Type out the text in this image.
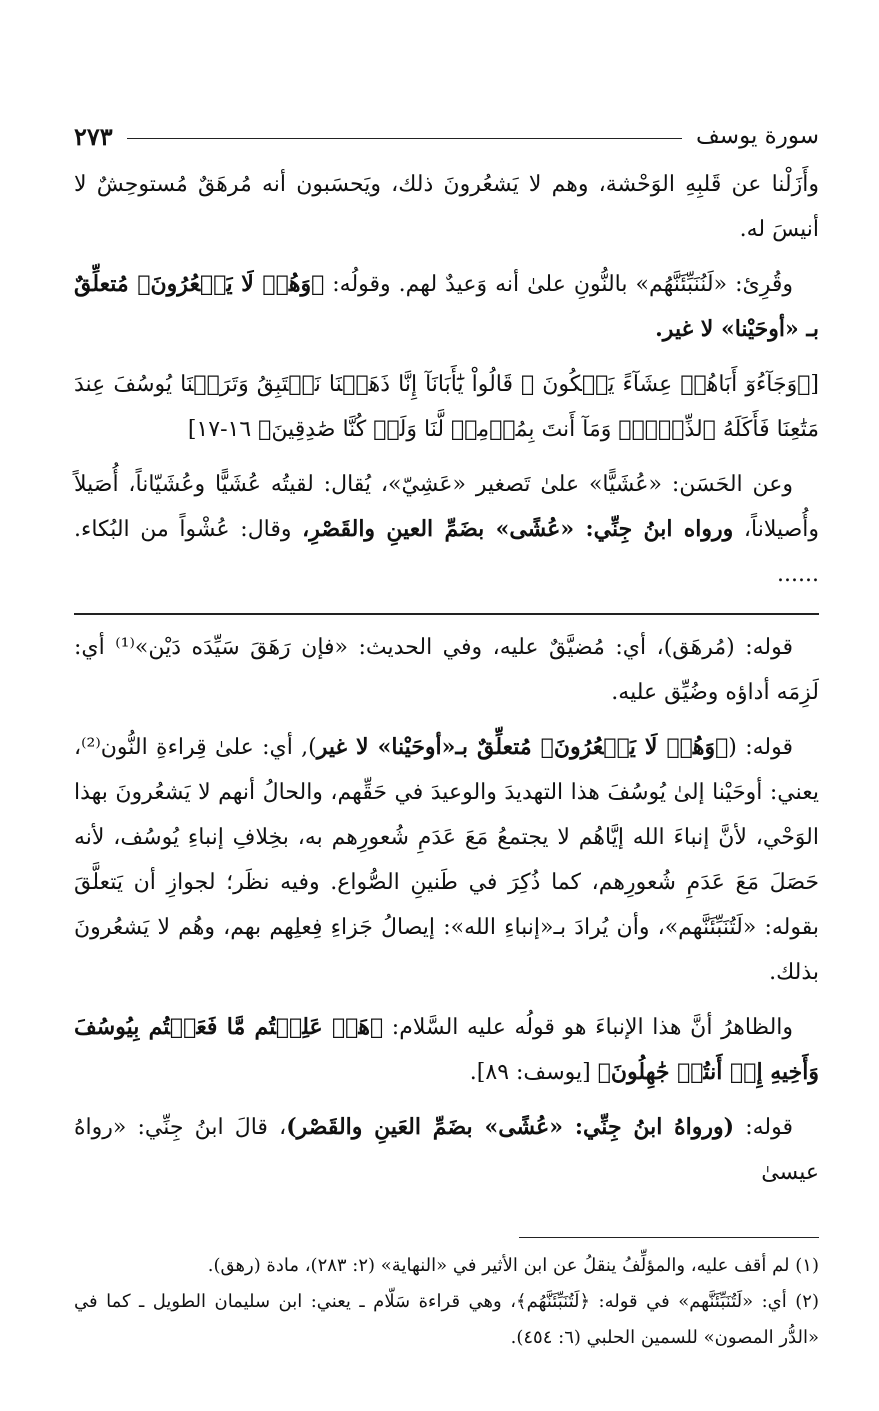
سورة يوسف
٢٧٣

وأَزَلْنا عن قَلبِهِ الوَحْشة، وهم لا يَشعُرونَ ذلك، ويَحسَبون أنه مُرهَقٌ مُستوحِشٌ لا أنيسَ له.

وقُرِئ: «لَنُنَبِّئَنَّهُم» بالنُّونِ علىٰ أنه وَعيدٌ لهم. وقولُه: ﴿وَهُمۡ لَا يَشۡعُرُونَ﴾ مُتعلِّقٌ بـ «أوحَيْنا» لا غير.

[﴿وَجَآءُوٓ أَبَاهُمۡ عِشَآءً يَبۡكُونَ ۞ قَالُواْ يَٰٓأَبَانَآ إِنَّا ذَهَبۡنَا نَسۡتَبِقُ وَتَرَكۡنَا يُوسُفَ عِندَ مَتَٰعِنَا فَأَكَلَهُ ٱلذِّئۡبُۖ وَمَآ أَنتَ بِمُؤۡمِنٖ لَّنَا وَلَوۡ كُنَّا صَٰدِقِينَ﴾ ١٦-١٧]

وعن الحَسَن: «عُشَيًّا» علىٰ تَصغير «عَشِيّ»، يُقال: لقيتُه عُشَيًّا وعُشَيّاناً، أُصَيلاً وأُصيلاناً، ورواه ابنُ جِنِّي: «عُشًى» بضَمِّ العينِ والقَصْرِ، وقال: عُشْواً من البُكاء. ......

قوله: (مُرهَق)، أي: مُضيَّقٌ عليه، وفي الحديث: «فإن رَهَقَ سَيِّدَه دَيْن»⁽¹⁾ أي: لَزِمَه أداؤه وضُيِّق عليه.

قوله: (﴿وَهُمۡ لَا يَشۡعُرُونَ﴾ مُتعلِّقٌ بـ«أوحَيْنا» لا غير), أي: علىٰ قِراءةِ النُّون⁽²⁾، يعني: أوحَيْنا إلىٰ يُوسُفَ هذا التهديدَ والوعيدَ في حَقِّهم، والحالُ أنهم لا يَشعُرونَ بهذا الوَحْي، لأنَّ إنباءَ الله إيَّاهُم لا يجتمعُ مَعَ عَدَمِ شُعورِهم به، بخِلافِ إنباءِ يُوسُف، لأنه حَصَلَ مَعَ عَدَمِ شُعورِهم، كما ذُكِرَ في طَنينِ الصُّواع. وفيه نظَر؛ لجوازِ أن يَتعلَّقَ بقوله: «لَتُنَبِّئَنَّهم»، وأن يُرادَ بـ«إنباءِ الله»: إيصالُ جَزاءِ فِعلِهم بهم، وهُم لا يَشعُرونَ بذلك.

والظاهرُ أنَّ هذا الإنباءَ هو قولُه عليه السَّلام: ﴿هَلۡ عَلِمۡتُم مَّا فَعَلۡتُم بِيُوسُفَ وَأَخِيهِ إِذۡ أَنتُمۡ جَٰهِلُونَ﴾ [يوسف: ٨٩].

قوله: (ورواهُ ابنُ جِنِّي: «عُشًى» بضَمِّ العَينِ والقَصْر)، قالَ ابنُ جِنِّي: «رواهُ عيسىٰ

(١) لم أقف عليه، والمؤلِّفُ ينقلُ عن ابن الأثير في «النهاية» (٢: ٢٨٣)، مادة (رهق).

(٢) أي: «لَتُنَبِّئَنَّهم» في قوله: ﴿لَتُنَبِّئَنَّهُم﴾، وهي قراءة سَلّام ـ يعني: ابن سليمان الطويل ـ كما في «الدُّر المصون» للسمين الحلبي (٦: ٤٥٤).
